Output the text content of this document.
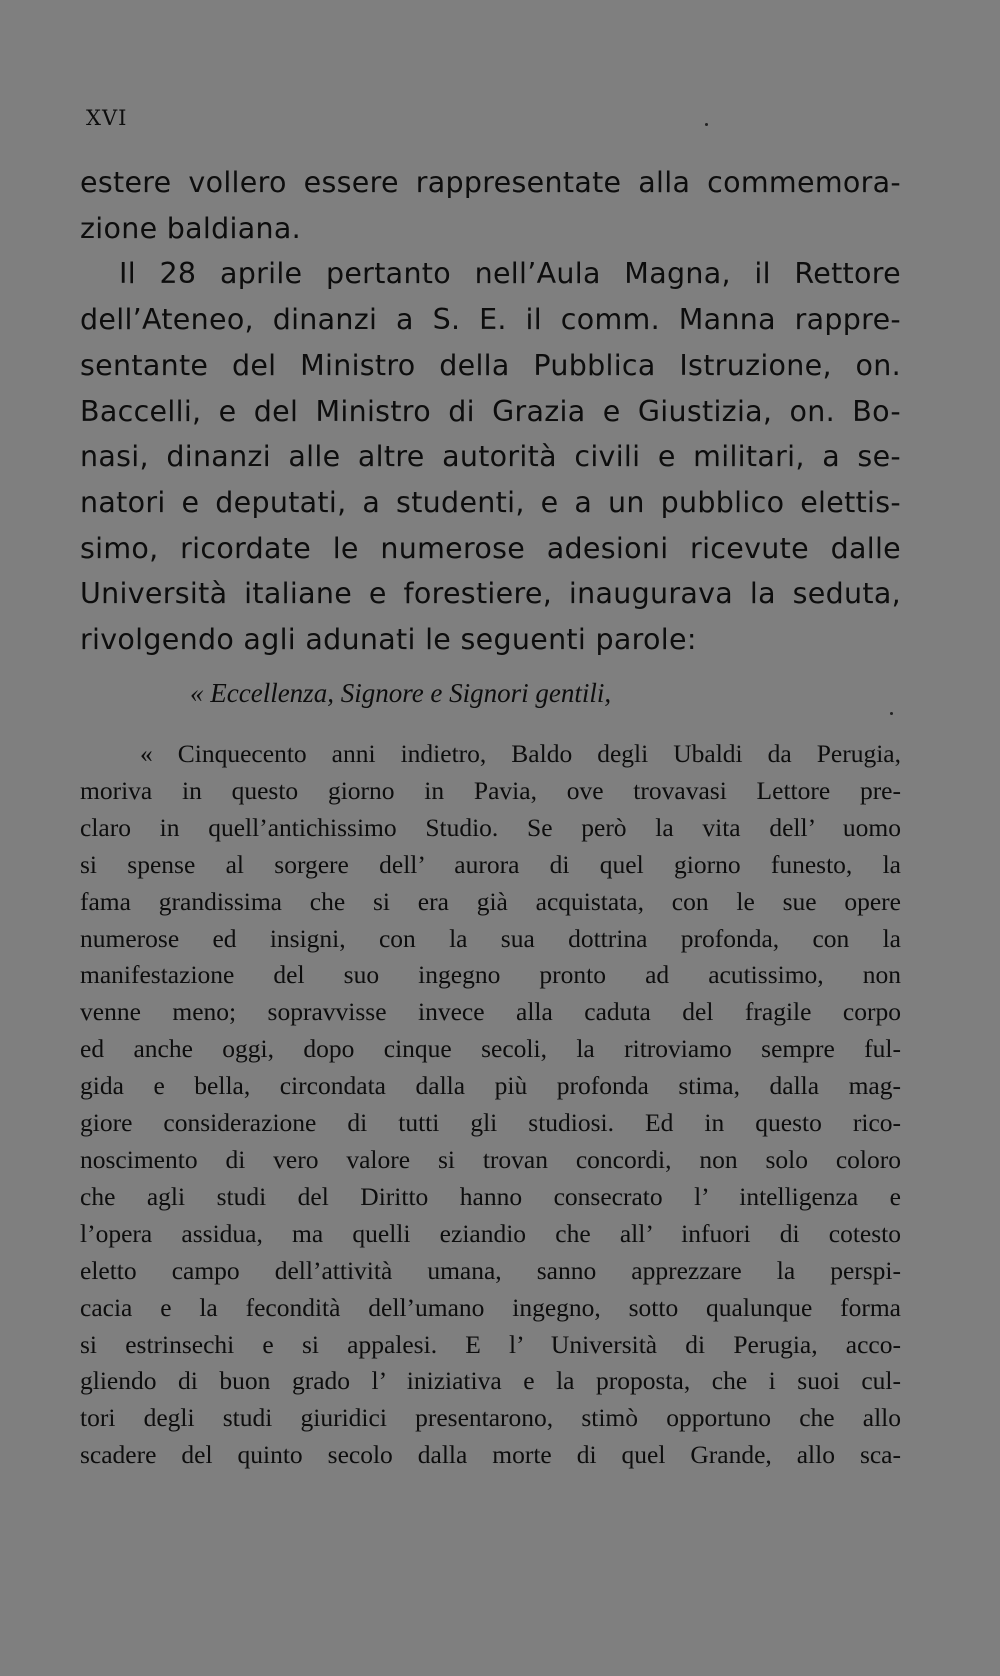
XVI
estere vollero essere rappresentate alla commemora-
zione baldiana.
Il 28 aprile pertanto nell’Aula Magna, il Rettore
dell’Ateneo, dinanzi a S. E. il comm. Manna rappre-
sentante del Ministro della Pubblica Istruzione, on.
Baccelli, e del Ministro di Grazia e Giustizia, on. Bo-
nasi, dinanzi alle altre autorità civili e militari, a se-
natori e deputati, a studenti, e a un pubblico elettis-
simo, ricordate le numerose adesioni ricevute dalle
Università italiane e forestiere, inaugurava la seduta,
rivolgendo agli adunati le seguenti parole:
« Eccellenza, Signore e Signori gentili,
« Cinquecento anni indietro, Baldo degli Ubaldi da Perugia,
moriva in questo giorno in Pavia, ove trovavasi Lettore pre-
claro in quell’antichissimo Studio. Se però la vita dell’ uomo
si spense al sorgere dell’ aurora di quel giorno funesto, la
fama grandissima che si era già acquistata, con le sue opere
numerose ed insigni, con la sua dottrina profonda, con la
manifestazione del suo ingegno pronto ad acutissimo, non
venne meno; sopravvisse invece alla caduta del fragile corpo
ed anche oggi, dopo cinque secoli, la ritroviamo sempre ful-
gida e bella, circondata dalla più profonda stima, dalla mag-
giore considerazione di tutti gli studiosi. Ed in questo rico-
noscimento di vero valore si trovan concordi, non solo coloro
che agli studi del Diritto hanno consecrato l’ intelligenza e
l’opera assidua, ma quelli eziandio che all’ infuori di cotesto
eletto campo dell’attività umana, sanno apprezzare la perspi-
cacia e la fecondità dell’umano ingegno, sotto qualunque forma
si estrinsechi e si appalesi. E l’ Università di Perugia, acco-
gliendo di buon grado l’ iniziativa e la proposta, che i suoi cul-
tori degli studi giuridici presentarono, stimò opportuno che allo
scadere del quinto secolo dalla morte di quel Grande, allo sca-
